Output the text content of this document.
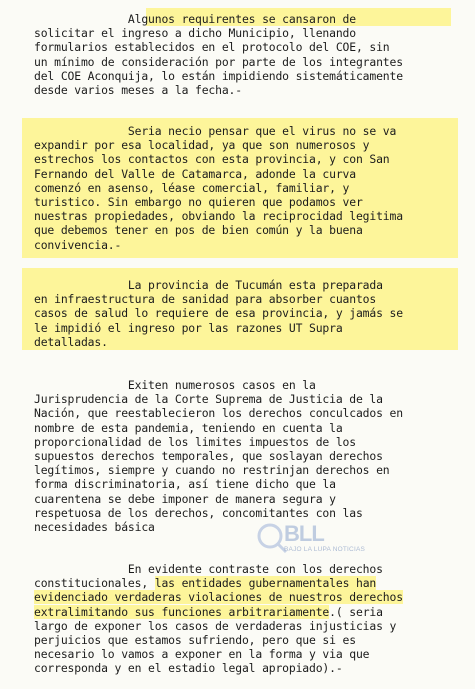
Algunos requirentes se cansaron de
solicitar el ingreso a dicho Municipio, llenando
formularios establecidos en el protocolo del COE, sin
un mínimo de consideración por parte de los integrantes
del COE Aconquija, lo están impidiendo sistemáticamente
desde varios meses a la fecha.-
Seria necio pensar que el virus no se va
expandir por esa localidad, ya que son numerosos y
estrechos los contactos con esta provincia, y con San
Fernando del Valle de Catamarca, adonde la curva
comenzó en asenso, léase comercial, familiar, y
turistico. Sin embargo no quieren que podamos ver
nuestras propiedades, obviando la reciprocidad legitima
que debemos tener en pos de bien común y la buena
convivencia.-
La provincia de Tucumán esta preparada
en infraestructura de sanidad para absorber cuantos
casos de salud lo requiere de esa provincia, y jamás se
le impidió el ingreso por las razones UT Supra
detalladas.
Exiten numerosos casos en la
Jurisprudencia de la Corte Suprema de Justicia de la
Nación, que reestablecieron los derechos conculcados en
nombre de esta pandemia, teniendo en cuenta la
proporcionalidad de los limites impuestos de los
supuestos derechos temporales, que soslayan derechos
legítimos, siempre y cuando no restrinjan derechos en
forma discriminatoria, así tiene dicho que la
cuarentena se debe imponer de manera segura y
respetuosa de los derechos, concomitantes con las
necesidades básica	BLL
BAJO LA LUPA NOTICIAS
En evidente contraste con los derechos
constitucionales, las entidades gubernamentales han
evidenciado verdaderas violaciones de nuestros derechos
extralimitando sus funciones arbitrariamente.( seria
largo de exponer los casos de verdaderas injusticias y
perjuicios que estamos sufriendo, pero que si es
necesario lo vamos a exponer en la forma y via que
corresponda y en el estadio legal apropiado).-
